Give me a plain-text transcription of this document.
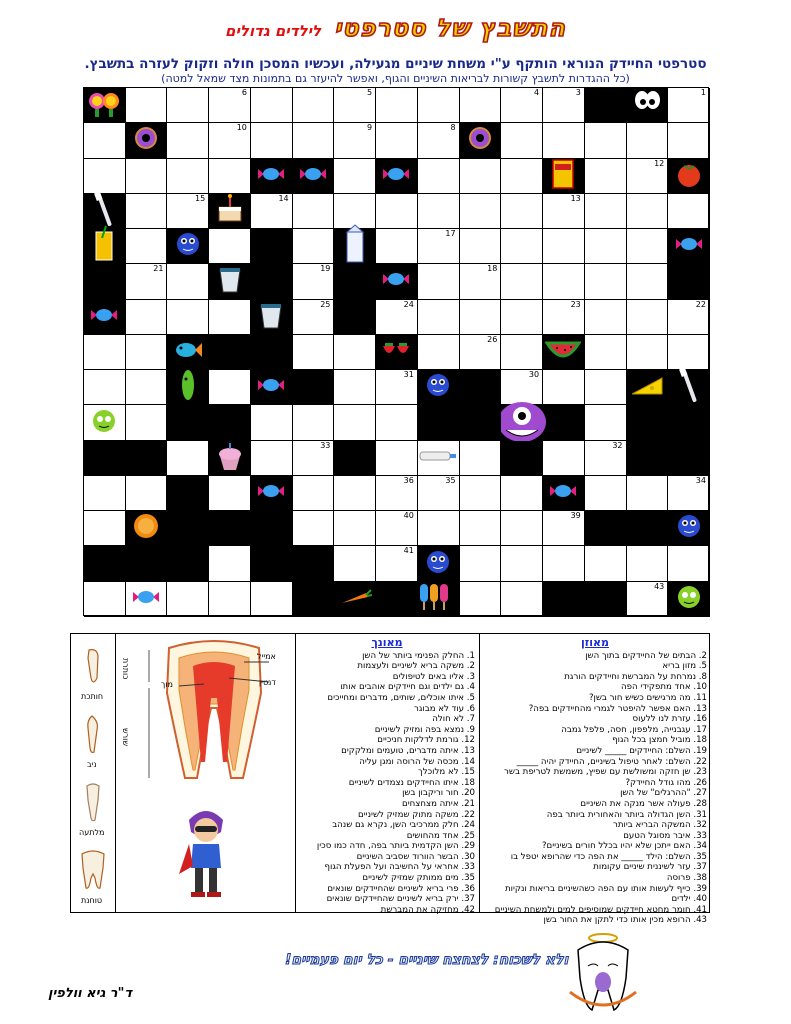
התשבץ של סטרפטי לילדים גדולים
סטרפטי החיידק הנוראי הותקף ע"י משחת שיניים מגעילה, ועכשיו המסכן חולה וזקוק לעזרה בתשבץ.
(כל ההגדרות לתשבץ קשורות לבריאות השיניים והגוף, ואפשר להיעזר גם בתמונות מצד שמאל למטה)
1
2
3
4
5
6
7
8
9
10
11
12
13
14
15
16
17
18
19
20
21
22
23
24
25
26
27
28
29
30
31
32
33
34
35
36
37
38
39
40
41
42
43
חותכת
ניב
מלתעה
טוחנת
כותרת
שורש
אמייל
דנטין
מוך
מאונך
1. החלק הפנימי ביותר של השן
2. משקה בריא לשיניים ולעצמות
3. אליו באים לטיפולים
4. גם ילדים וגם חיידקים אוהבים אותו
5. איתו אוכלים, שותים, מדברים ומחייכים
6. עוד לא מבוגר
7. לא חולה
9. נמצא בפה ומזיק לשיניים
12. גורמת לדלקות חניכיים
13. איתה מדברים, טועמים ומלקקים
14. מכסה של הרוסה ומגן עליה
15. לא מלוכלך
18. איתו החיידקים נצמדים לשיניים
20. חור וריקבון בשן
21. איתה מצחצחים
22. משקה מתוק שמזיק לשיניים
24. חלק ממרכיבי השן, נקרא גם שנהב
25. אחד מהחושים
29. השן הקדמית ביותר בפה, חדה כמו סכין
30. הבשר הוורוד שסביב השיניים
33. אחראי על החשיבה ועל הפעלת הגוף
35. מים ממותק שמזיק לשיניים
36. פרי בריא לשיניים שהחיידקים שונאים
37. ירק בריא לשיניים שהחיידקים שונאים
42. מחזיקה את המברשת
מאוזן
2. הבתים של החיידקים בתוך השן
5. מזון בריא
8. נמרחת על המברשת וחיידקים הורגת
10. אחד מתפקידי הפה
11. מה מרגישים כשיש חור בשן?
13. האם אפשר להיפטר לגמרי מהחיידקים בפה?
16. עזרת לנו ללעוס
17. עגבנייה, מלפפון, חסה, פלפל גמבה
18. מוביל חמצן בכל הגוף
19. השלם: החיידקים _____ לשיניים
22. השלם: לאחר טיפול בשיניים, החיידק יהיה _____
23. שן חזקה ומשולשת עם שפיץ, משמשת לטריפת בשר
26. מהו גודל החיידק?
27. "ההרגלים" של השן
28. פעולה אשר מנקה את השיניים
31. השן הגדולה ביותר והאחורית ביותר בפה
32. המשקה הבריא ביותר
33. איבר מסוגל הטעם
34. האם ייתכן שלא יהיו בכלל חורים בשיניים?
35. השלם: הילד _____ את הפה כדי שהרופא יטפל בו
37. עזר לשיננית שיניים עקומות
38. פרוסה
39. כייף לעשות אותו עם הפה כשהשיניים בריאות ונקיות
40. ילדים
41. חומר מחטא חיידקים שמוסיפים למים ולמשחת השיניים
43. הרופא מכין אותו כדי לתקן את החור בשן
ולא לשכוח: לצחצח שיניים - כל יום פעמיים!
ד"ר גיא וולפין
